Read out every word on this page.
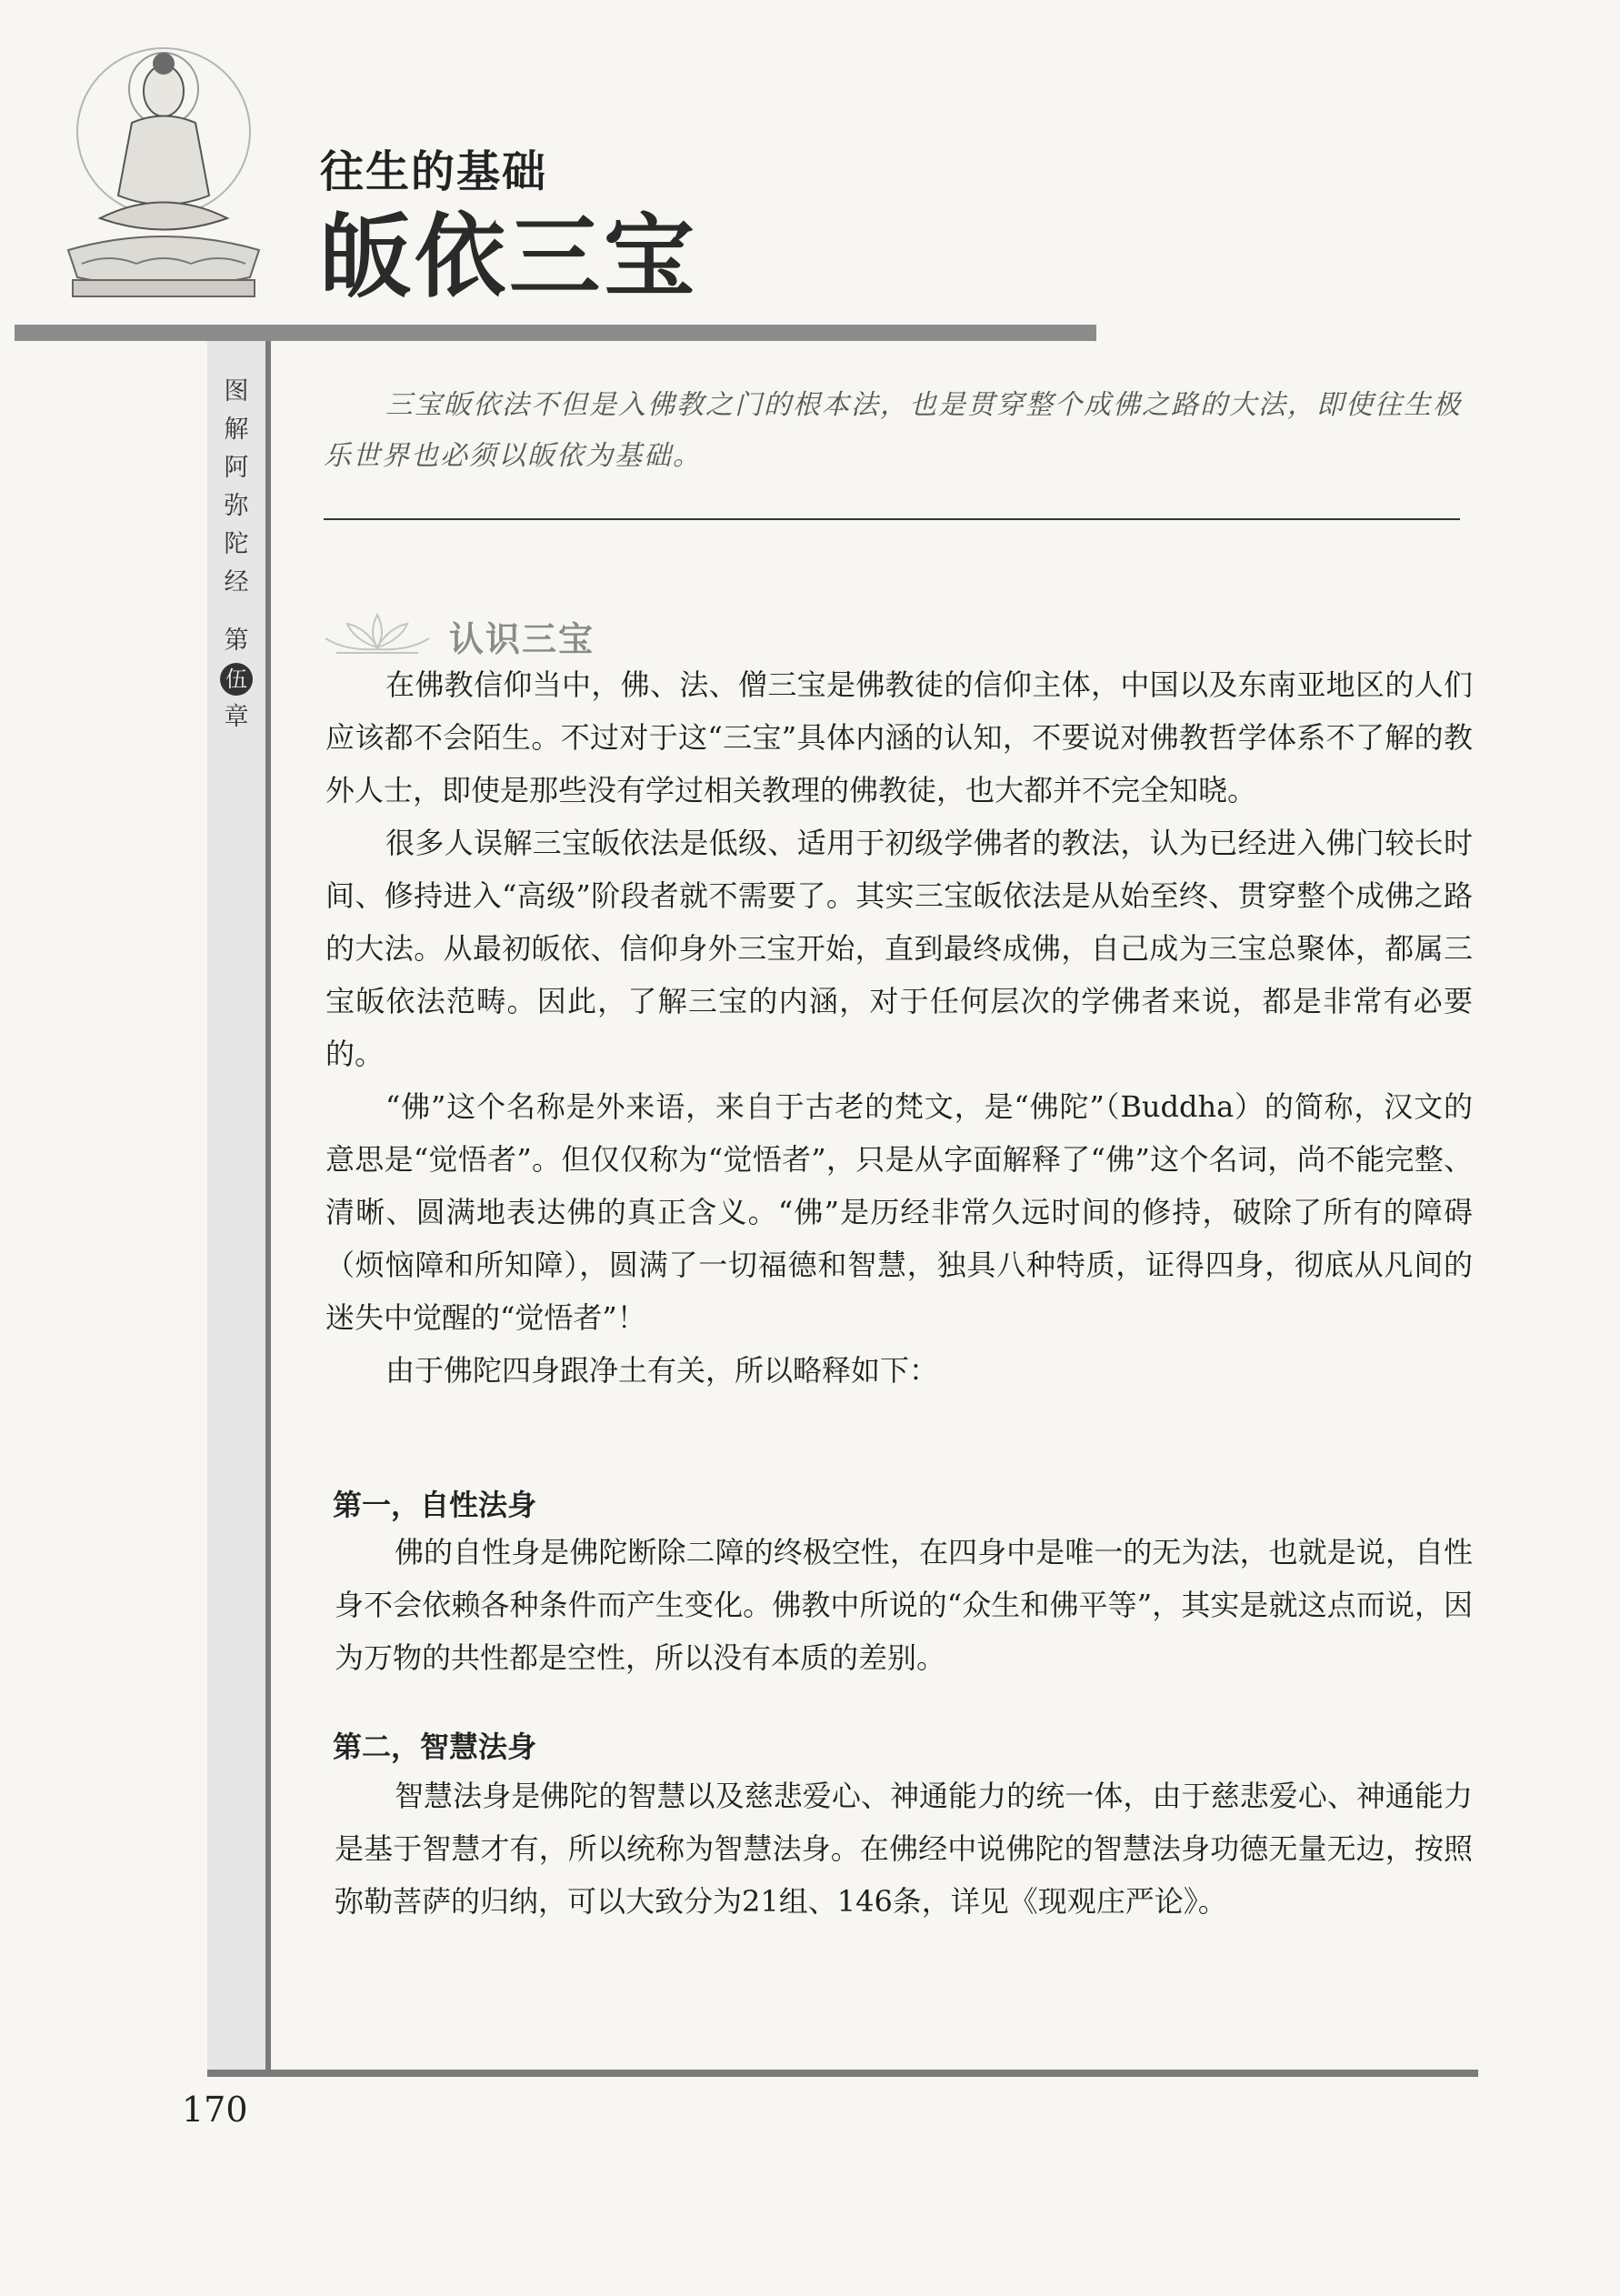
往生的基础
皈依三宝
图
解
阿
弥
陀
经
第
伍
章
三宝皈依法不但是入佛教之门的根本法，也是贯穿整个成佛之路的大法，即使往生极乐世界也必须以皈依为基础。
认识三宝

在佛教信仰当中，佛、法、僧三宝是佛教徒的信仰主体，中国以及东南亚地区的人们应该都不会陌生。不过对于这“三宝”具体内涵的认知，不要说对佛教哲学体系不了解的教外人士，即使是那些没有学过相关教理的佛教徒，也大都并不完全知晓。

很多人误解三宝皈依法是低级、适用于初级学佛者的教法，认为已经进入佛门较长时间、修持进入“高级”阶段者就不需要了。其实三宝皈依法是从始至终、贯穿整个成佛之路的大法。从最初皈依、信仰身外三宝开始，直到最终成佛，自己成为三宝总聚体，都属三宝皈依法范畴。因此，了解三宝的内涵，对于任何层次的学佛者来说，都是非常有必要的。

“佛”这个名称是外来语，来自于古老的梵文，是“佛陀”（Buddha）的简称，汉文的意思是“觉悟者”。但仅仅称为“觉悟者”，只是从字面解释了“佛”这个名词，尚不能完整、清晰、圆满地表达佛的真正含义。“佛”是历经非常久远时间的修持，破除了所有的障碍（烦恼障和所知障），圆满了一切福德和智慧，独具八种特质，证得四身，彻底从凡间的迷失中觉醒的“觉悟者”！

由于佛陀四身跟净土有关，所以略释如下：

第一，自性法身

佛的自性身是佛陀断除二障的终极空性，在四身中是唯一的无为法，也就是说，自性身不会依赖各种条件而产生变化。佛教中所说的“众生和佛平等”，其实是就这点而说，因为万物的共性都是空性，所以没有本质的差别。

第二，智慧法身

智慧法身是佛陀的智慧以及慈悲爱心、神通能力的统一体，由于慈悲爱心、神通能力是基于智慧才有，所以统称为智慧法身。在佛经中说佛陀的智慧法身功德无量无边，按照弥勒菩萨的归纳，可以大致分为21组、146条，详见《现观庄严论》。

170
